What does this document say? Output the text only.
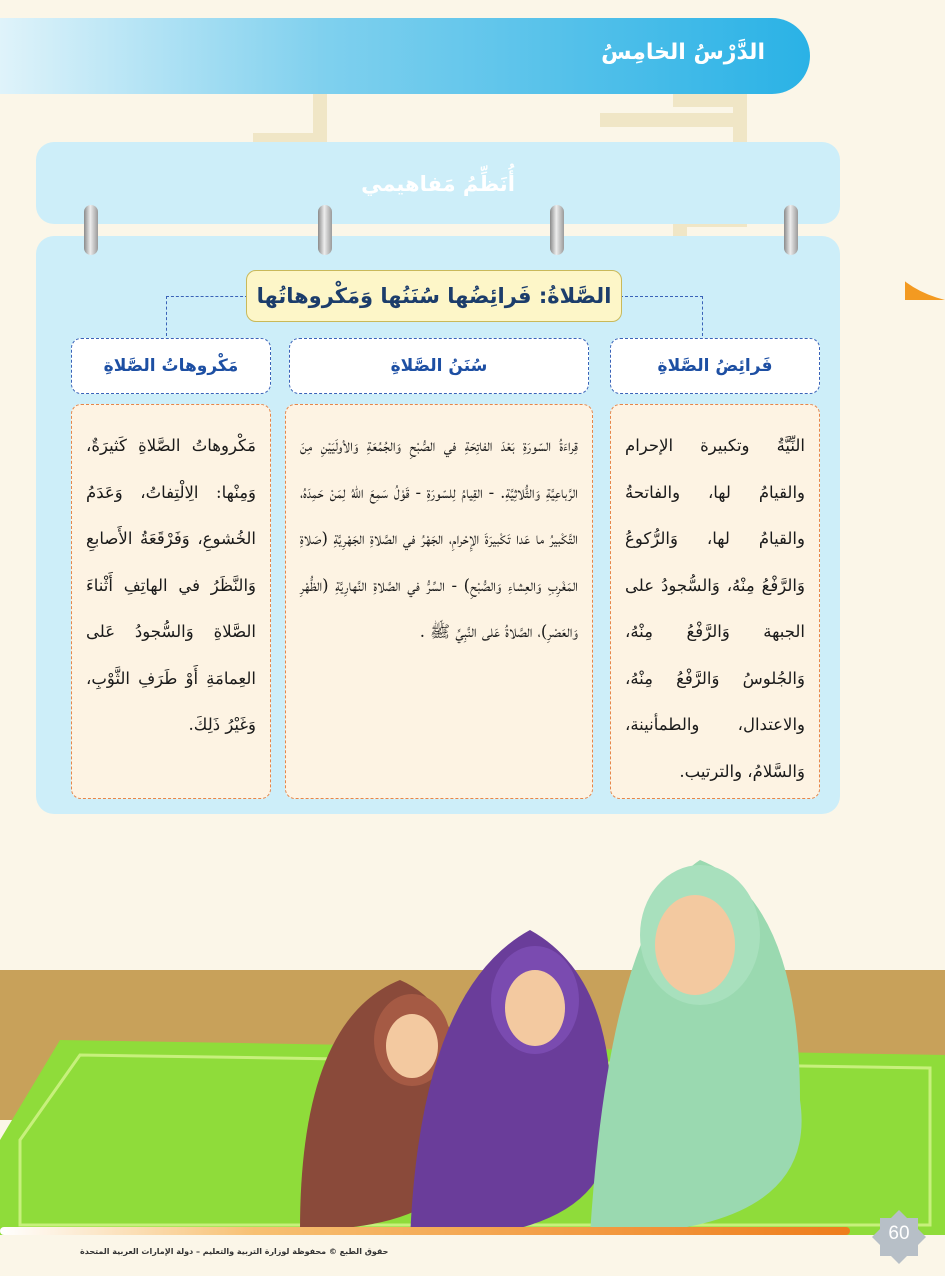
الدَّرْسُ الخامِسُ
أُنَظِّمُ مَفاهيمي
الصَّلاةُ: فَرائِضُها سُنَنُها وَمَكْروهاتُها
فَرائِضُ الصَّلاةِ
سُنَنُ الصَّلاةِ
مَكْروهاتُ الصَّلاةِ
النِّيَّةُ وتكبيرة الإحرام والقيامُ لها، والفاتحةُ والقيامُ لها، وَالرُّكوعُ وَالرَّفْعُ مِنْهُ، وَالسُّجودُ على الجبهة وَالرَّفْعُ مِنْهُ، وَالجُلوسُ وَالرَّفْعُ مِنْهُ، والاعتدال، والطمأنينة، وَالسَّلامُ، والترتيب.
قِراءَةُ السّورَةِ بَعْدَ الفاتِحَةِ في الصُّبْحِ وَالجُمُعَةِ وَالأولَيَيْنِ مِنَ الرَّباعِيَّةِ وَالثُّلاثِيَّةِ. - القِيامُ لِلسّورَةِ - قَوْلُ سَمِعَ اللهُ لِمَنْ حَمِدَهُ، التَّكْبيرُ ما عَدا تَكْبيرَةَ الإِحْرامِ، الجَهْرُ في الصَّلاةِ الجَهْرِيَّةِ (صَلاةِ المَغْرِبِ وَالعِشاءِ وَالصُّبْحِ) - السِّرُّ في الصَّلاةِ النَّهارِيَّةِ (الظُّهْرِ وَالعَصْرِ)، الصَّلاةُ عَلى النَّبِيِّ ﷺ .
مَكْروهاتُ الصَّلاةِ كَثيرَةٌ، وَمِنْها: الِالْتِفاتُ، وَعَدَمُ الخُشوعِ، وَفَرْقَعَةُ الأَصابعِ وَالنَّظَرُ في الهاتِفِ أَثْناءَ الصَّلاةِ وَالسُّجودُ عَلى العِمامَةِ أَوْ طَرَفِ الثَّوْبِ، وَغَيْرُ ذَلِكَ.
60
حقوق الطبع © محفوظة لوزارة التربية والتعليم – دولة الإمارات العربية المتحدة
